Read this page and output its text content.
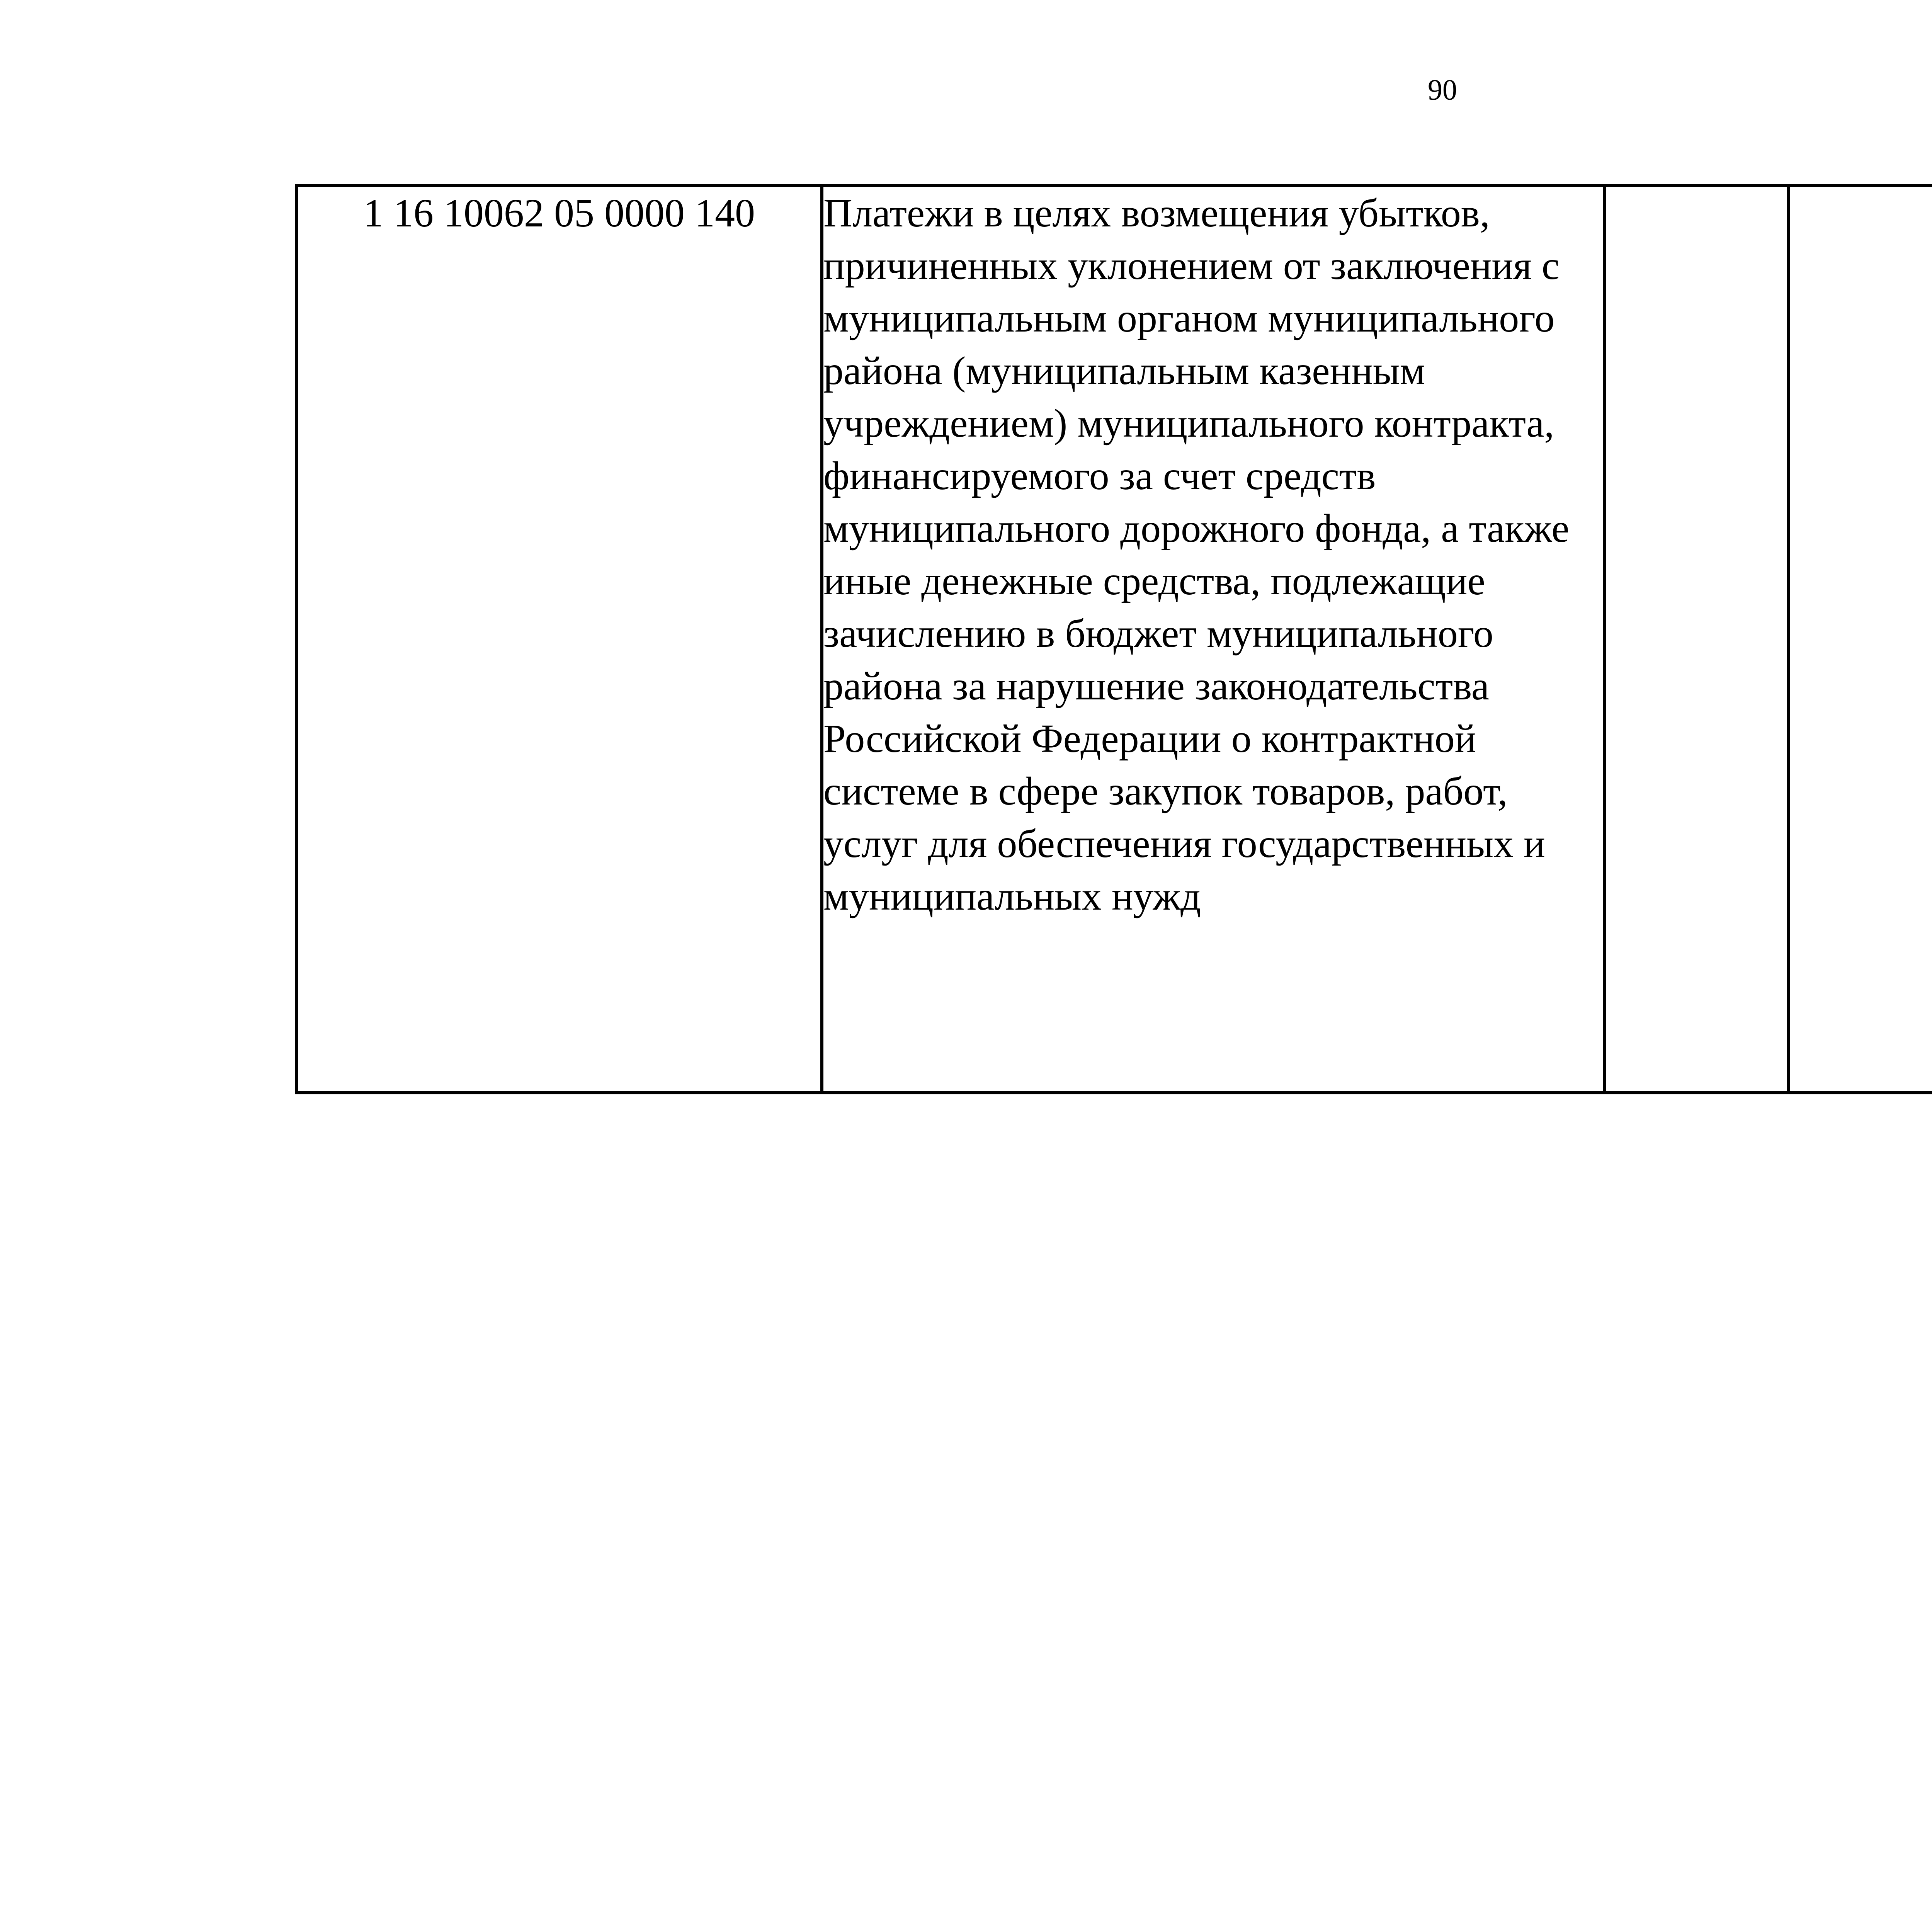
90
1 16 10062 05 0000 140	Платежи в целях возмещения убытков, причиненных уклонением от заключения с муниципальным органом муниципального района (муниципальным казенным учреждением) муниципального контракта, финансируемого за счет средств муниципального дорожного фонда, а также иные денежные средства, подлежащие зачислению в бюджет муниципального района за нарушение законодательства Российской Федерации о контрактной системе в сфере закупок товаров, работ, услуг для обеспечения государственных и муниципальных нужд					
